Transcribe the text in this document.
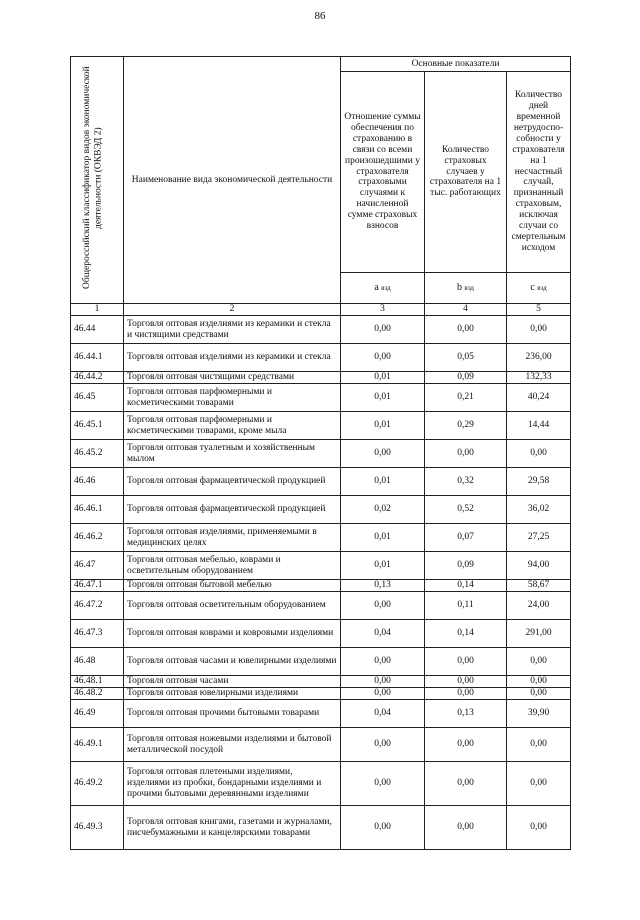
86
Общероссийский классификатор видов экономической деятельности (ОКВЭД 2)	Наименование вида экономической деятельности	Основные показатели		
		Отношение суммы обеспечения по страхованию в связи со всеми произошедшими у страхователя страховыми случаями к начисленной сумме страховых взносов	Количество страховых случаев у страхователя на 1 тыс. работающих	Количество дней временной нетрудоспо-собности у страхователя на 1 несчастный случай, признанный страховым, исключая случаи со смертельным исходом
		a вэд	b вэд	c вэд
1	2	3	4	5
46.44	Торговля оптовая изделиями из керамики и стекла и чистящими средствами	0,00	0,00	0,00
46.44.1	Торговля оптовая изделиями из керамики и стекла	0,00	0,05	236,00
46.44.2	Торговля оптовая чистящими средствами	0,01	0,09	132,33
46.45	Торговля оптовая парфюмерными и косметическими товарами	0,01	0,21	40,24
46.45.1	Торговля оптовая парфюмерными и косметическими товарами, кроме мыла	0,01	0,29	14,44
46.45.2	Торговля оптовая туалетным и хозяйственным мылом	0,00	0,00	0,00
46.46	Торговля оптовая фармацевтической продукцией	0,01	0,32	29,58
46.46.1	Торговля оптовая фармацевтической продукцией	0,02	0,52	36,02
46.46.2	Торговля оптовая изделиями, применяемыми в медицинских целях	0,01	0,07	27,25
46.47	Торговля оптовая мебелью, коврами и осветительным оборудованием	0,01	0,09	94,00
46.47.1	Торговля оптовая бытовой мебелью	0,13	0,14	58,67
46.47.2	Торговля оптовая осветительным оборудованием	0,00	0,11	24,00
46.47.3	Торговля оптовая коврами и ковровыми изделиями	0,04	0,14	291,00
46.48	Торговля оптовая часами и ювелирными изделиями	0,00	0,00	0,00
46.48.1	Торговля оптовая часами	0,00	0,00	0,00
46.48.2	Торговля оптовая ювелирными изделиями	0,00	0,00	0,00
46.49	Торговля оптовая прочими бытовыми товарами	0,04	0,13	39,90
46.49.1	Торговля оптовая ножевыми изделиями и бытовой металлической посудой	0,00	0,00	0,00
46.49.2	Торговля оптовая плетеными изделиями, изделиями из пробки, бондарными изделиями и прочими бытовыми деревянными изделиями	0,00	0,00	0,00
46.49.3	Торговля оптовая книгами, газетами и журналами, писчебумажными и канцелярскими товарами	0,00	0,00	0,00
